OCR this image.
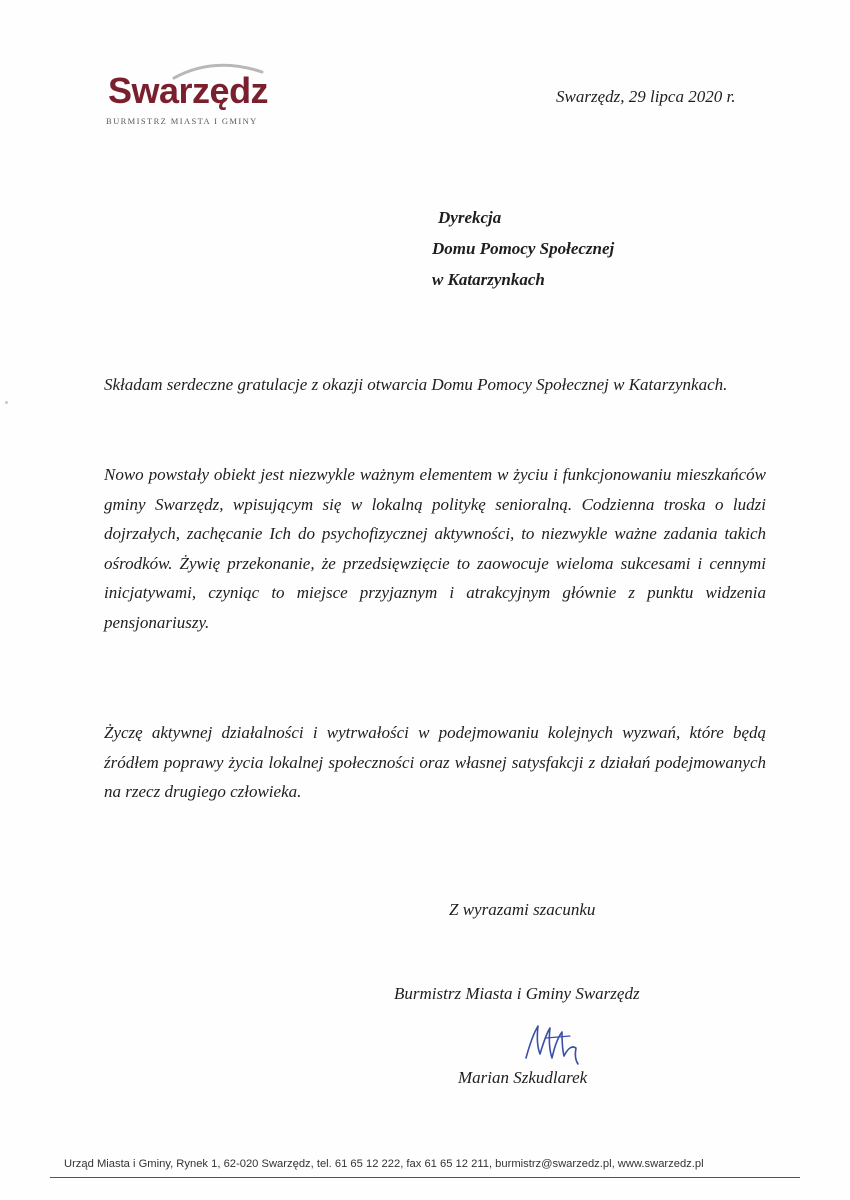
Swarzędz
BURMISTRZ MIASTA I GMINY
Swarzędz, 29 lipca 2020 r.
Dyrekcja
Domu Pomocy Społecznej
w Katarzynkach
Składam serdeczne gratulacje z okazji otwarcia Domu Pomocy Społecznej w Katarzynkach.
Nowo powstały obiekt jest niezwykle ważnym elementem w życiu i funkcjonowaniu mieszkańców gminy Swarzędz, wpisującym się w lokalną politykę senioralną. Codzienna troska o ludzi dojrzałych, zachęcanie Ich do psychofizycznej aktywności, to niezwykle ważne zadania takich ośrodków. Żywię przekonanie, że przedsięwzięcie to zaowocuje wieloma sukcesami i cennymi inicjatywami, czyniąc to miejsce przyjaznym i atrakcyjnym głównie z punktu widzenia pensjonariuszy.
Życzę aktywnej działalności i wytrwałości w podejmowaniu kolejnych wyzwań, które będą źródłem poprawy życia lokalnej społeczności oraz własnej satysfakcji z działań podejmowanych na rzecz drugiego człowieka.
Z wyrazami szacunku
Burmistrz Miasta i Gminy Swarzędz
Marian Szkudlarek
Urząd Miasta i Gminy, Rynek 1, 62-020 Swarzędz, tel. 61 65 12 222, fax 61 65 12 211, burmistrz@swarzedz.pl, www.swarzedz.pl
